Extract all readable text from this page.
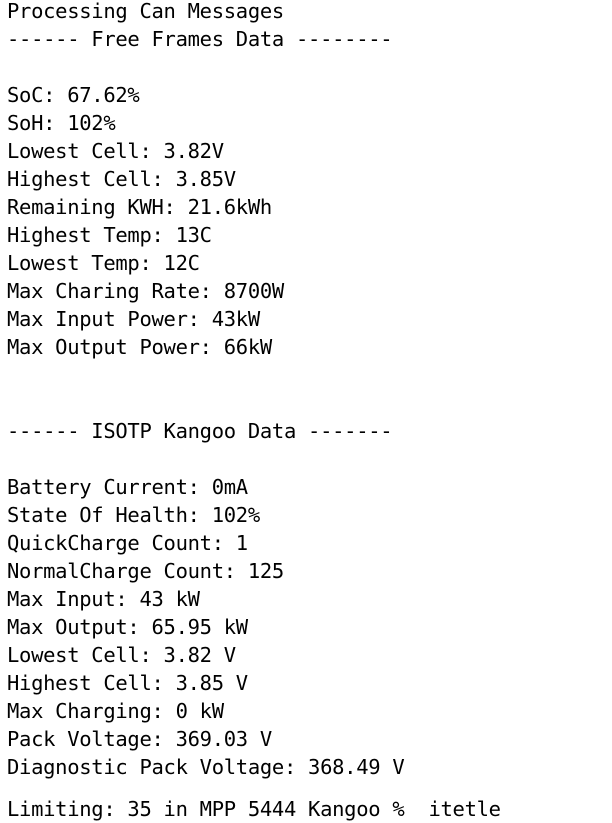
Processing Can Messages
------ Free Frames Data --------

SoC: 67.62%
SoH: 102%
Lowest Cell: 3.82V
Highest Cell: 3.85V
Remaining KWH: 21.6kWh
Highest Temp: 13C
Lowest Temp: 12C
Max Charing Rate: 8700W
Max Input Power: 43kW
Max Output Power: 66kW

------ ISOTP Kangoo Data -------

Battery Current: 0mA
State Of Health: 102%
QuickCharge Count: 1
NormalCharge Count: 125
Max Input: 43 kW
Max Output: 65.95 kW
Lowest Cell: 3.82 V
Highest Cell: 3.85 V
Max Charging: 0 kW
Pack Voltage: 369.03 V
Diagnostic Pack Voltage: 368.49 V
Limiting: 35 in MPP 5444 Kangoo %  itetle
